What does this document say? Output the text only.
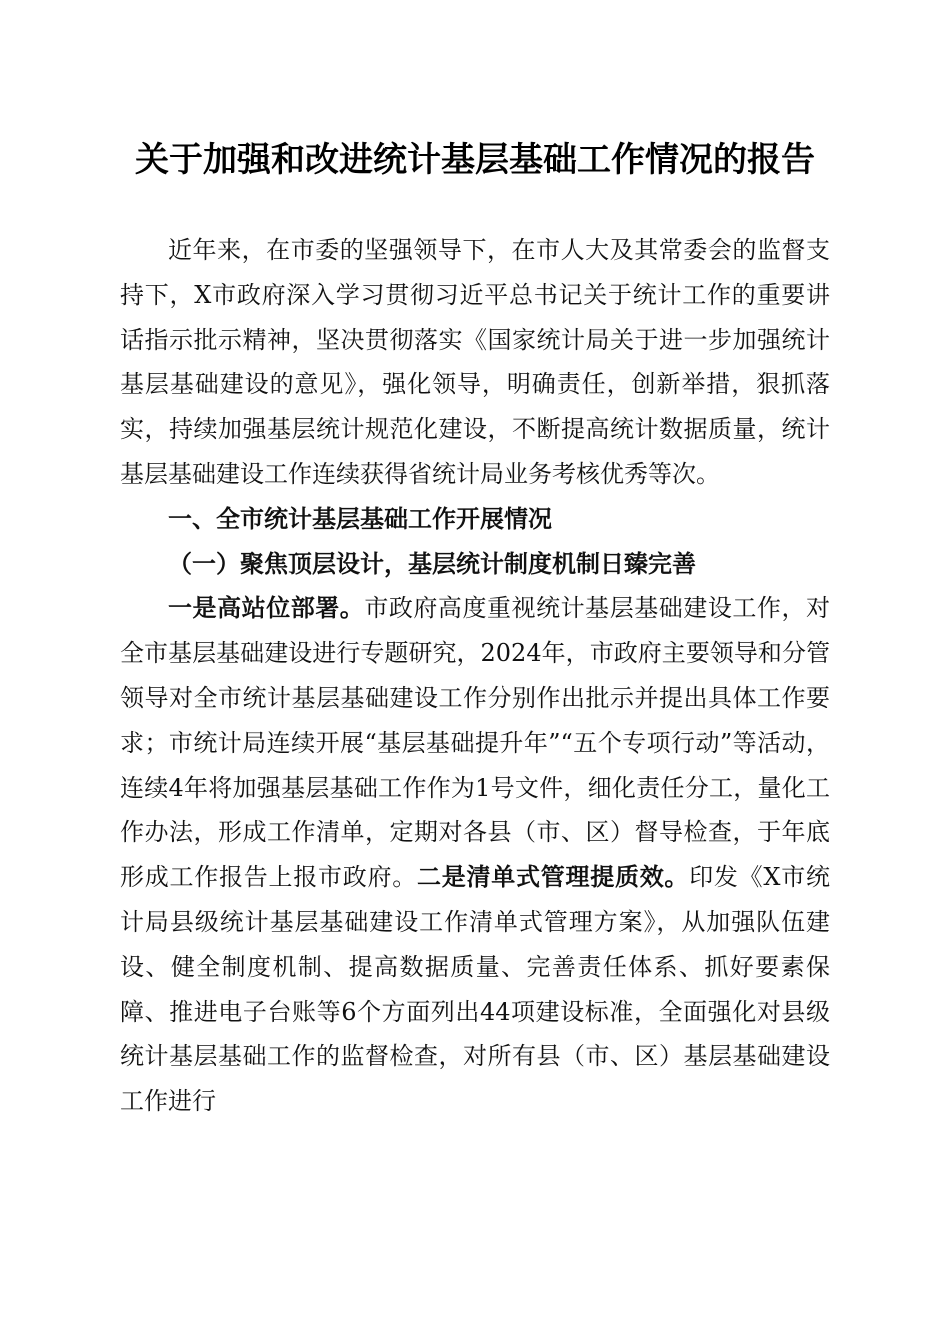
关于加强和改进统计基层基础工作情况的报告

近年来，在市委的坚强领导下，在市人大及其常委会的监督支持下，X市政府深入学习贯彻习近平总书记关于统计工作的重要讲话指示批示精神，坚决贯彻落实《国家统计局关于进一步加强统计基层基础建设的意见》，强化领导，明确责任，创新举措，狠抓落实，持续加强基层统计规范化建设，不断提高统计数据质量，统计基层基础建设工作连续获得省统计局业务考核优秀等次。

一、全市统计基层基础工作开展情况

（一）聚焦顶层设计，基层统计制度机制日臻完善

一是高站位部署。市政府高度重视统计基层基础建设工作，对全市基层基础建设进行专题研究，2024年，市政府主要领导和分管领导对全市统计基层基础建设工作分别作出批示并提出具体工作要求；市统计局连续开展“基层基础提升年”“五个专项行动”等活动，连续4年将加强基层基础工作作为1号文件，细化责任分工，量化工作办法，形成工作清单，定期对各县（市、区）督导检查，于年底形成工作报告上报市政府。二是清单式管理提质效。印发《X市统计局县级统计基层基础建设工作清单式管理方案》，从加强队伍建设、健全制度机制、提高数据质量、完善责任体系、抓好要素保障、推进电子台账等6个方面列出44项建设标准，全面强化对县级统计基层基础工作的监督检查，对所有县（市、区）基层基础建设工作进行
